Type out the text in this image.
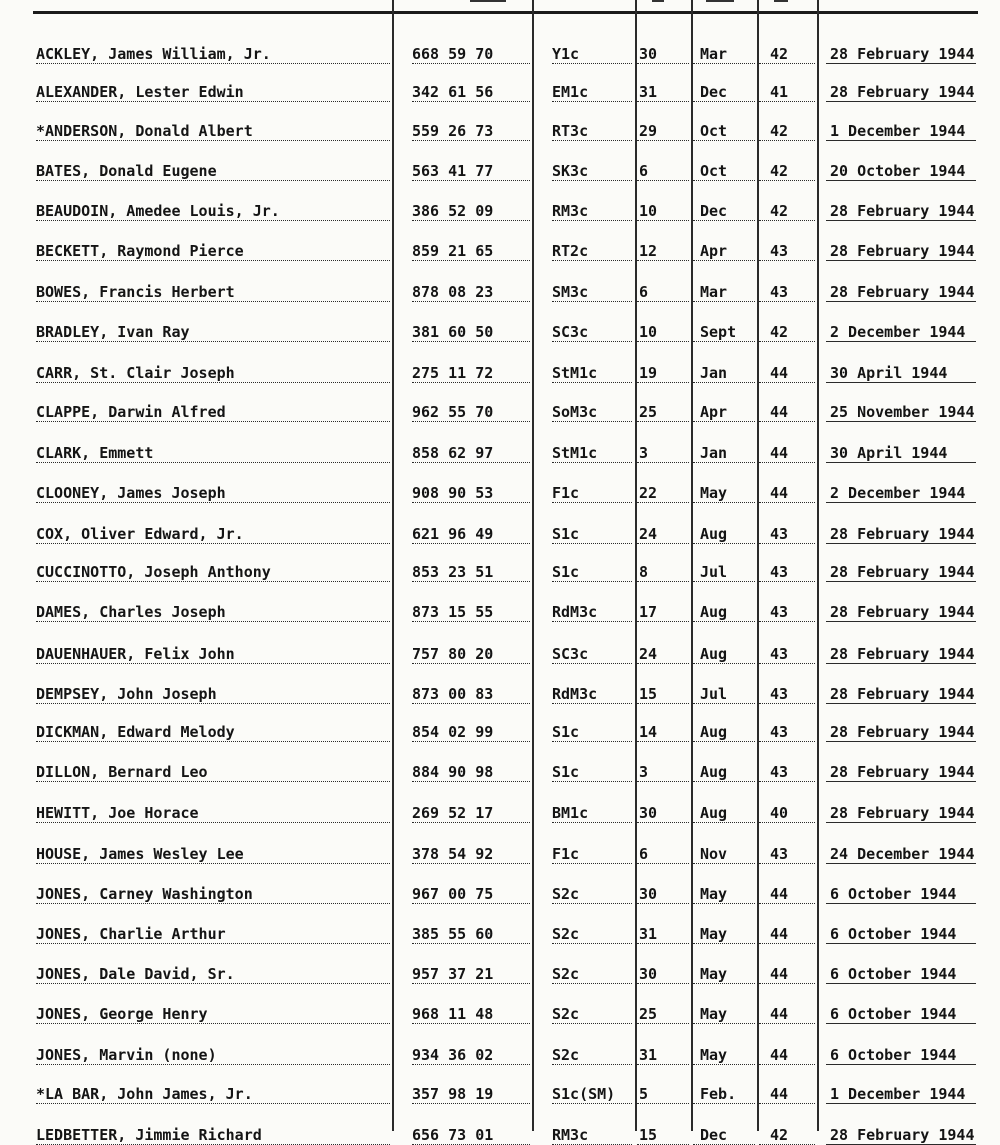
ACKLEY, James William, Jr.	668 59 70	Y1c	30	Mar	42	28 February 1944
ALEXANDER, Lester Edwin	342 61 56	EM1c	31	Dec	41	28 February 1944
*ANDERSON, Donald Albert	559 26 73	RT3c	29	Oct	42	1 December 1944
BATES, Donald Eugene	563 41 77	SK3c	6	Oct	42	20 October 1944
BEAUDOIN, Amedee Louis, Jr.	386 52 09	RM3c	10	Dec	42	28 February 1944
BECKETT, Raymond Pierce	859 21 65	RT2c	12	Apr	43	28 February 1944
BOWES, Francis Herbert	878 08 23	SM3c	6	Mar	43	28 February 1944
BRADLEY, Ivan Ray	381 60 50	SC3c	10	Sept 42	2 December 1944
CARR, St. Clair Joseph	275 11 72	StM1c	19	Jan	44	30 April 1944
CLAPPE, Darwin Alfred	962 55 70	SoM3c	25	Apr	44	25 November 1944
CLARK, Emmett	858 62 97	StM1c	3	Jan	44	30 April 1944
CLOONEY, James Joseph	908 90 53	F1c	22	May	44	2 December 1944
COX, Oliver Edward, Jr.	621 96 49	S1c	24	Aug	43	28 February 1944
CUCCINOTTO, Joseph Anthony	853 23 51	S1c	8	Jul	43	28 February 1944
DAMES, Charles Joseph	873 15 55	RdM3c	17	Aug	43	28 February 1944
DAUENHAUER, Felix John	757 80 20	SC3c	24	Aug	43	28 February 1944
DEMPSEY, John Joseph	873 00 83	RdM3c	15	Jul	43	28 February 1944
DICKMAN, Edward Melody	854 02 99	S1c	14	Aug	43	28 February 1944
DILLON, Bernard Leo	884 90 98	S1c	3	Aug	43	28 February 1944
HEWITT, Joe Horace	269 52 17	BM1c	30	Aug	40	28 February 1944
HOUSE, James Wesley Lee	378 54 92	F1c	6	Nov	43	24 December 1944
JONES, Carney Washington	967 00 75	S2c	30	May	44	6 October 1944
JONES, Charlie Arthur	385 55 60	S2c	31	May	44	6 October 1944
JONES, Dale David, Sr.	957 37 21	S2c	30	May	44	6 October 1944
JONES, George Henry	968 11 48	S2c	25	May	44	6 October 1944
JONES, Marvin (none)	934 36 02	S2c	31	May	44	6 October 1944
*LA BAR, John James, Jr.	357 98 19	S1c(SM) 5	Feb. 44	1 December 1944
LEDBETTER, Jimmie Richard	656 73 01	RM3c	15	Dec	42	28 February 1944
